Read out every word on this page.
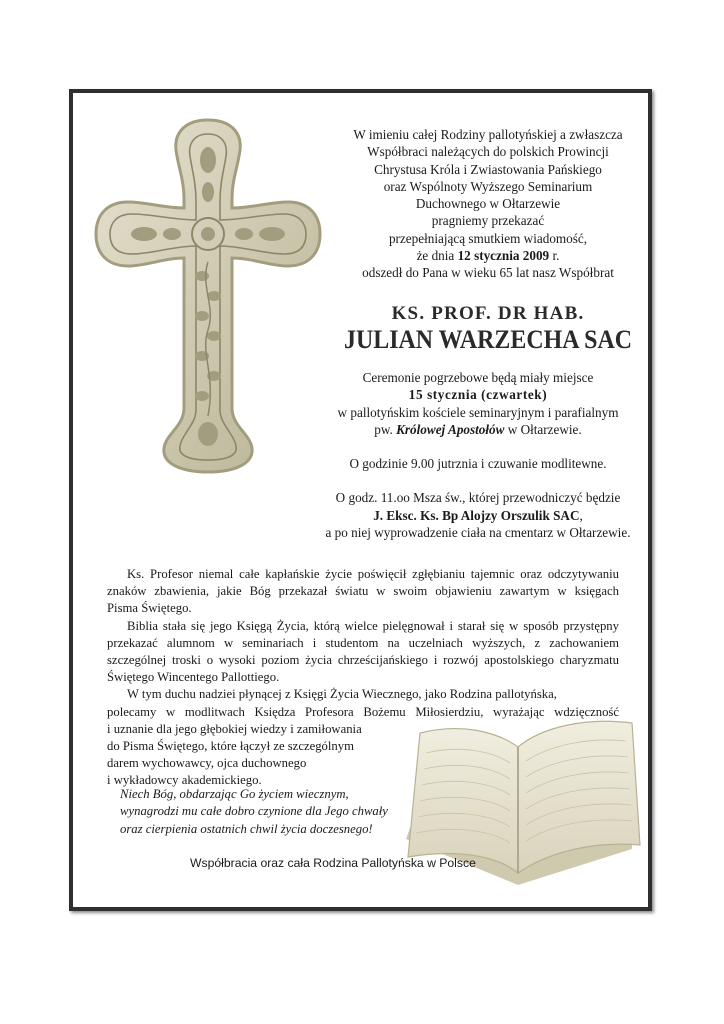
W imieniu całej Rodziny pallotyńskiej a zwłaszcza
Współbraci należących do polskich Prowincji
Chrystusa Króla i Zwiastowania Pańskiego
oraz Wspólnoty Wyższego Seminarium
Duchownego w Ołtarzewie
pragniemy przekazać
przepełniającą smutkiem wiadomość,
że dnia 12 stycznia 2009 r.
odszedł do Pana w wieku 65 lat nasz Współbrat
KS. PROF. DR HAB.
JULIAN WARZECHA SAC
Ceremonie pogrzebowe będą miały miejsce
15 stycznia (czwartek)
w pallotyńskim kościele seminaryjnym i parafialnym
pw. Królowej Apostołów w Ołtarzewie.
O godzinie 9.00 jutrznia i czuwanie modlitewne.
O godz. 11.oo Msza św., której przewodniczyć będzie
J. Eksc. Ks. Bp Alojzy Orszulik SAC,
a po niej wyprowadzenie ciała na cmentarz w Ołtarzewie.
Ks. Profesor niemal całe kapłańskie życie poświęcił zgłębianiu tajemnic oraz odczytywaniu
znaków zbawienia, jakie Bóg przekazał światu w swoim objawieniu zawartym w księgach
Pisma Świętego.
Biblia stała się jego Księgą Życia, którą wielce pielęgnował i starał się w sposób przystępny
przekazać alumnom w seminariach i studentom na uczelniach wyższych, z zachowaniem
szczególnej troski o wysoki poziom życia chrześcijańskiego i rozwój apostolskiego charyzmatu
Świętego Wincentego Pallottiego.
W tym duchu nadziei płynącej z Księgi Życia Wiecznego, jako Rodzina pallotyńska,
polecamy w modlitwach Księdza Profesora Bożemu Miłosierdziu, wyrażając wdzięczność
i uznanie dla jego głębokiej wiedzy i zamiłowania
do Pisma Świętego, które łączył ze szczególnym
darem wychowawcy, ojca duchownego
i wykładowcy akademickiego.
Niech Bóg, obdarzając Go życiem wiecznym,
wynagrodzi mu całe dobro czynione dla Jego chwały
oraz cierpienia ostatnich chwil życia doczesnego!
Współbracia oraz cała Rodzina Pallotyńska w Polsce
